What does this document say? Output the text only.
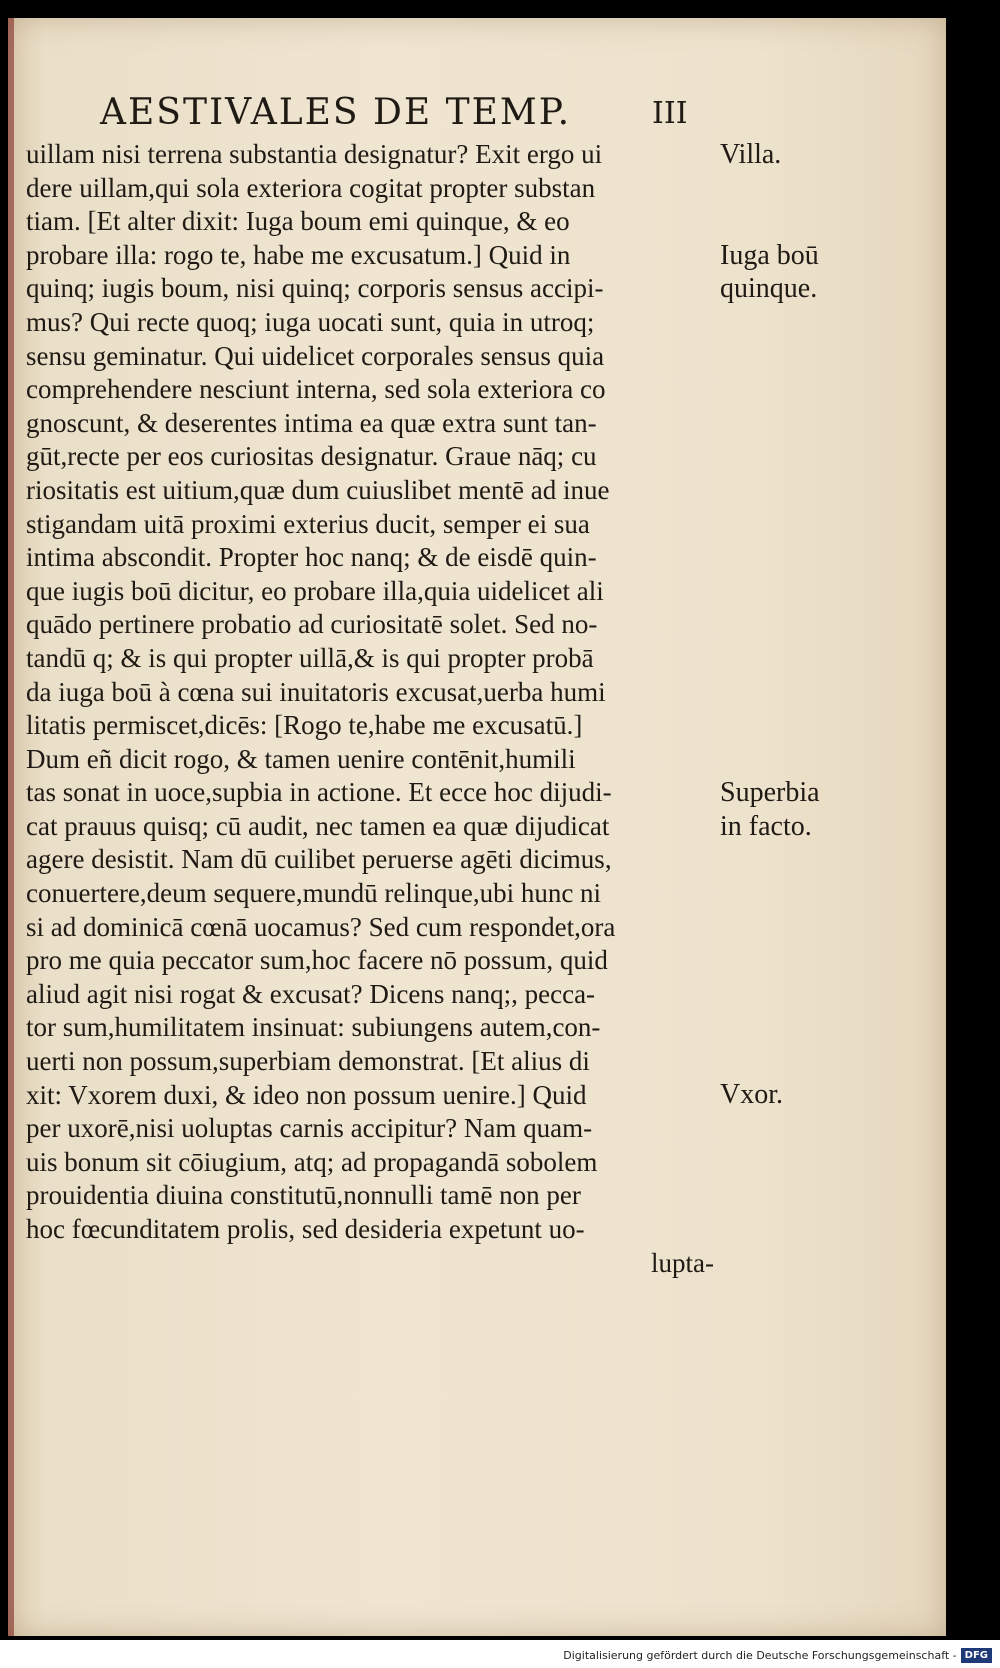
AESTIVALES DE TEMP.	III
uillam nisi terrena substantia designatur? Exit ergo ui
dere uillam,qui sola exteriora cogitat propter substan
tiam. [Et alter dixit: Iuga boum emi quinque, & eo
probare illa: rogo te, habe me excusatum.] Quid in
quinq; iugis boum, nisi quinq; corporis sensus accipi-
mus? Qui recte quoq; iuga uocati sunt, quia in utroq;
sensu geminatur. Qui uidelicet corporales sensus quia
comprehendere nesciunt interna, sed sola exteriora co
gnoscunt, & deserentes intima ea quæ extra sunt tan-
gūt,recte per eos curiositas designatur. Graue nāq; cu
riositatis est uitium,quæ dum cuiuslibet mentē ad inue
stigandam uitā proximi exterius ducit, semper ei sua
intima abscondit. Propter hoc nanq; & de eisdē quin-
que iugis boū dicitur, eo probare illa,quia uidelicet ali
quādo pertinere probatio ad curiositatē solet. Sed no-
tandū q; & is qui propter uillā,& is qui propter probā
da iuga boū à cœna sui inuitatoris excusat,uerba humi
litatis permiscet,dicēs: [Rogo te,habe me excusatū.]
Dum eñ dicit rogo, & tamen uenire contēnit,humili
tas sonat in uoce,supbia in actione. Et ecce hoc dijudi-
cat prauus quisq; cū audit, nec tamen ea quæ dijudicat
agere desistit. Nam dū cuilibet peruerse agēti dicimus,
conuertere,deum sequere,mundū relinque,ubi hunc ni
si ad dominicā cœnā uocamus? Sed cum respondet,ora
pro me quia peccator sum,hoc facere nō possum, quid
aliud agit nisi rogat & excusat? Dicens nanq;, pecca-
tor sum,humilitatem insinuat: subiungens autem,con-
uerti non possum,superbiam demonstrat. [Et alius di
xit: Vxorem duxi, & ideo non possum uenire.] Quid
per uxorē,nisi uoluptas carnis accipitur? Nam quam-
uis bonum sit cōiugium, atq; ad propagandā sobolem
prouidentia diuina constitutū,nonnulli tamē non per
hoc fœcunditatem prolis, sed desideria expetunt uo-
lupta-
Villa.
Iuga boū
quinque.
Superbia
in facto.
Vxor.
Digitalisierung gefördert durch die Deutsche Forschungsgemeinschaft - DFG
